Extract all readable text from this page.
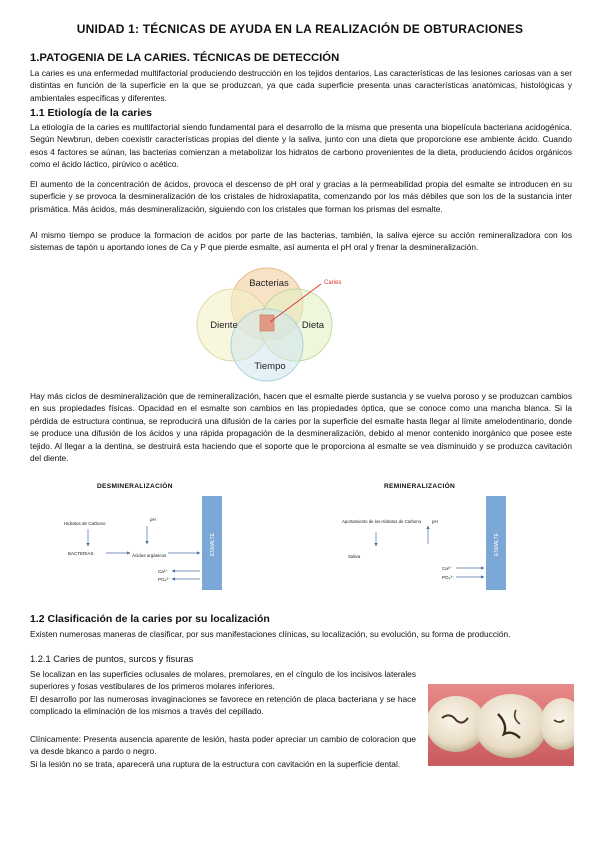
UNIDAD 1: TÉCNICAS DE AYUDA EN LA REALIZACIÓN DE OBTURACIONES
1.PATOGENIA DE LA CARIES. TÉCNICAS DE DETECCIÓN

La caries es una enfermedad multifactorial produciendo destrucción en los tejidos dentarios. Las características de las lesiones cariosas van a ser distintas en función de la superficie en la que se produzcan, ya que cada superficie presenta unas características anatómicas, histológicas y ambientales específicas y diferentes.

1.1 Etiología de la caries

La etiología de la caries es multifactorial siendo fundamental para el desarrollo de la misma que presenta una biopelícula bacteriana acidogénica. Según Newbrun, deben coexistir características propias del diente y la saliva, junto con una dieta que proporcione ese ambiente ácido. Cuando esos 4 factores se aúnan, las bacterias comienzan a metabolizar los hidratos de carbono provenientes de la dieta, produciendo ácidos orgánicos como el ácido láctico, pirúvico o acético.

El aumento de la concentración de ácidos, provoca el descenso de pH oral y gracias a la permeabilidad propia del esmalte se introducen en su superficie y se provoca la desmineralización de los cristales de hidroxiapatita, comenzando por los más débiles que son los de la sustancia inter prismática. Más ácidos, más desmineralización, siguiendo con los cristales que forman los prismas del esmalte.

Al mismo tiempo se produce la formacion de acidos por parte de las bacterias, también, la saliva ejerce su acción remineralizadora con los sistemas de tapón u aportando iones de Ca y P que pierde esmalte, así aumenta el pH oral y frenar la desmineralización.

Bacterias
Diente	Dieta
Tiempo
Caries

Hay más ciclos de desmineralización que de remineralización, hacen que el esmalte pierde sustancia y se vuelva poroso y se produzcan cambios en sus propiedades físicas. Opacidad en el esmalte son cambios en las propiedades óptica, que se conoce como una mancha blanca. Si la pérdida de estructura continua, se reproducirá una difusión de la caries por la superficie del esmalte hasta llegar al límite amelodentinario, donde se produce una difusión de los ácidos y una rápida propagación de la desmineralización, debido al menor contenido inorgánico que posee este tejido. Al llegar a la dentina, se destruirá esta haciendo que el soporte que le proporciona al esmalte se vea disminuido y se produzca cavitación del diente.

DESMINERALIZACIÓN
ESMALTE
Hidratos de Carbono
BACTERIAS	Ácidos orgánicos
pH
Ca²⁺
PO₄³⁻
REMINERALIZACIÓN
ESMALTE
Aportamiento de los Hidratos de Carbono
Saliva
pH
Ca²⁺
PO₄³⁻
1.2 Clasificación de la caries por su localización

Existen numerosas maneras de clasificar, por sus manifestaciones clínicas, su localización, su evolución, su forma de producción.

1.2.1 Caries de puntos, surcos y fisuras

Se localizan en las superficies oclusales de molares, premolares, en el cíngulo de los incisivos laterales superiores y fosas vestibulares de los primeros molares inferiores.

El desarrollo por las numerosas invaginaciones se favorece en retención de placa bacteriana y se hace complicado la eliminación de los mismos a través del cepillado.

Clínicamente: Presenta ausencia aparente de lesión, hasta poder apreciar un cambio de coloracion que va desde bkanco a pardo o negro.

Si la lesión no se trata, aparecerá una ruptura de la estructura con cavitación en la superficie dental.
